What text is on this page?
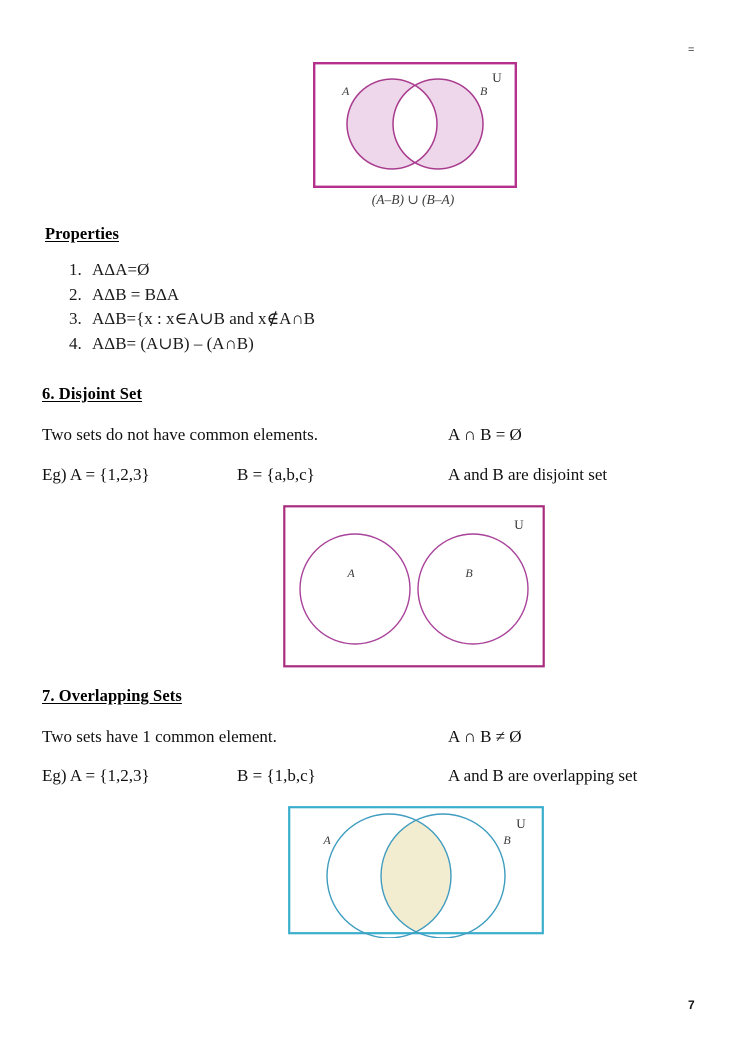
=
U
A	B
(A–B) ∪ (B–A)
Properties
1. AΔA=Ø
2. AΔB = BΔA
3. AΔB={x : x∈A∪B and x∉A∩B
4. AΔB= (A∪B) – (A∩B)
6. Disjoint Set
Two sets do not have common elements.	A ∩ B = Ø
Eg) A = {1,2,3}	B = {a,b,c}	A and B are disjoint set
U
A	B
7. Overlapping Sets
Two sets have 1 common element.	A ∩ B ≠ Ø
Eg) A = {1,2,3}	B = {1,b,c}	A and B are overlapping set
U
A	B
7
